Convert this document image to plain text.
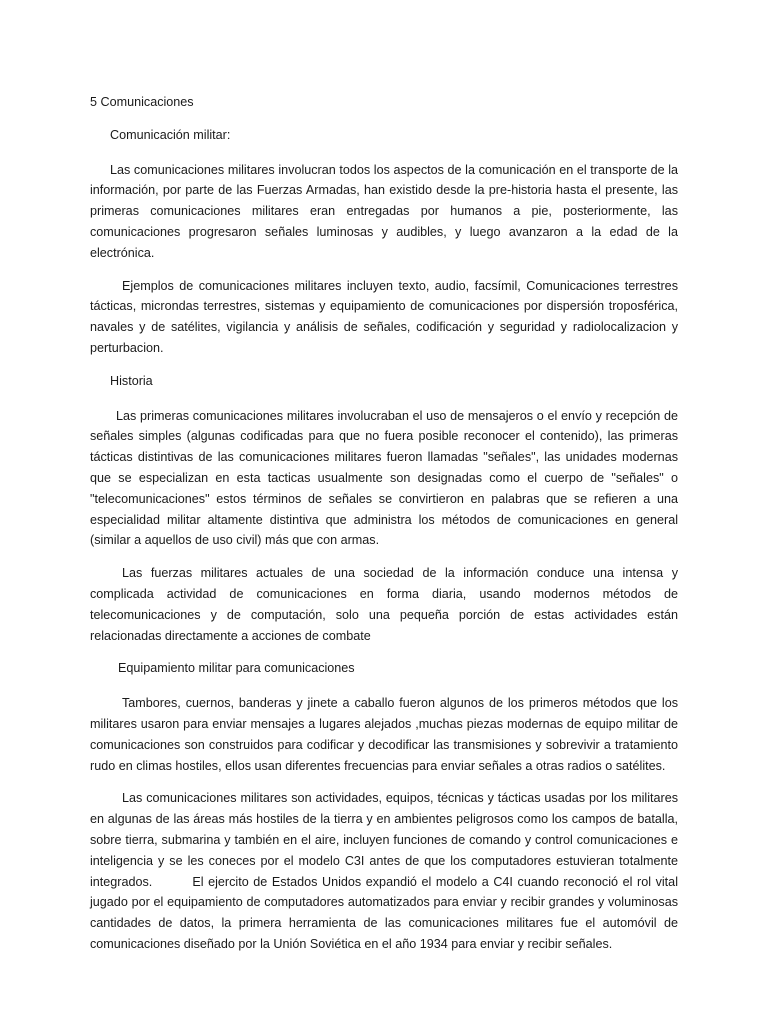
5 Comunicaciones

Comunicación militar:

Las comunicaciones militares involucran todos los aspectos de la comunicación en el transporte de la información, por parte de las Fuerzas Armadas, han existido desde la pre-historia hasta el presente, las primeras comunicaciones militares eran entregadas por humanos a pie, posteriormente, las comunicaciones progresaron señales luminosas y audibles, y luego avanzaron a la edad de la electrónica.

Ejemplos de comunicaciones militares incluyen texto, audio, facsímil, Comunicaciones terrestres tácticas, microndas terrestres, sistemas y equipamiento de comunicaciones por dispersión troposférica, navales y de satélites, vigilancia y análisis de señales, codificación y seguridad y radiolocalizacion y perturbacion.

Historia

Las primeras comunicaciones militares involucraban el uso de mensajeros o el envío y recepción de señales simples (algunas codificadas para que no fuera posible reconocer el contenido), las primeras tácticas distintivas de las comunicaciones militares fueron llamadas "señales", las unidades modernas que se especializan en esta tacticas usualmente son designadas como el cuerpo de "señales" o "telecomunicaciones" estos términos de señales se convirtieron en palabras que se refieren a una especialidad militar altamente distintiva que administra los métodos de comunicaciones en general (similar a aquellos de uso civil) más que con armas.

Las fuerzas militares actuales de una sociedad de la información conduce una intensa y complicada actividad de comunicaciones en forma diaria, usando modernos métodos de telecomunicaciones y de computación, solo una pequeña porción de estas actividades están relacionadas directamente a acciones de combate

Equipamiento militar para comunicaciones

Tambores, cuernos, banderas y jinete a caballo fueron algunos de los primeros métodos que los militares usaron para enviar mensajes a lugares alejados ,muchas piezas modernas de equipo militar de comunicaciones son construidos para codificar y decodificar las transmisiones y sobrevivir a tratamiento rudo en climas hostiles, ellos usan diferentes frecuencias para enviar señales a otras radios o satélites.

Las comunicaciones militares son actividades, equipos, técnicas y tácticas usadas por los militares en algunas de las áreas más hostiles de la tierra y en ambientes peligrosos como los campos de batalla, sobre tierra, submarina y también en el aire, incluyen funciones de comando y control comunicaciones e inteligencia y se les coneces por el modelo C3I antes de que los computadores estuvieran totalmente integrados.	El ejercito de Estados Unidos expandió el modelo a C4I cuando reconoció el rol vital jugado por el equipamiento de computadores automatizados para enviar y recibir grandes y voluminosas cantidades de datos, la primera herramienta de las comunicaciones militares fue el automóvil de comunicaciones diseñado por la Unión Soviética en el año 1934 para enviar y recibir señales.
